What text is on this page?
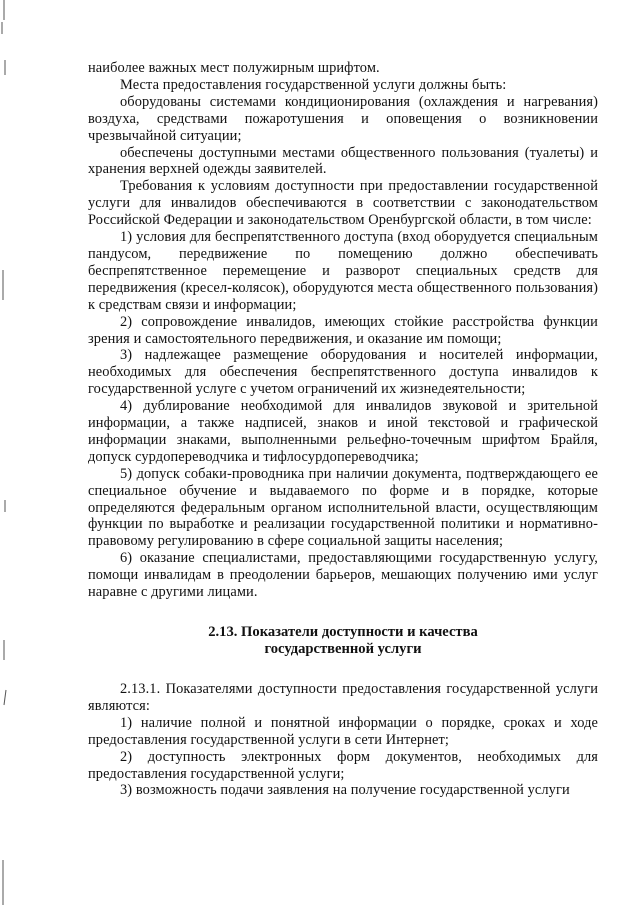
наиболее важных мест полужирным шрифтом.

Места предоставления государственной услуги должны быть:

оборудованы системами кондиционирования (охлаждения и нагревания) воздуха, средствами пожаротушения и оповещения о возникновении чрезвычайной ситуации;

обеспечены доступными местами общественного пользования (туалеты) и хранения верхней одежды заявителей.

Требования к условиям доступности при предоставлении государственной услуги для инвалидов обеспечиваются в соответствии с законодательством Российской Федерации и законодательством Оренбургской области, в том числе:

1) условия для беспрепятственного доступа (вход оборудуется специальным пандусом, передвижение по помещению должно обеспечивать беспрепятственное перемещение и разворот специальных средств для передвижения (кресел-колясок), оборудуются места общественного пользования) к средствам связи и информации;

2) сопровождение инвалидов, имеющих стойкие расстройства функции зрения и самостоятельного передвижения, и оказание им помощи;

3) надлежащее размещение оборудования и носителей информации, необходимых для обеспечения беспрепятственного доступа инвалидов к государственной услуге с учетом ограничений их жизнедеятельности;

4) дублирование необходимой для инвалидов звуковой и зрительной информации, а также надписей, знаков и иной текстовой и графической информации знаками, выполненными рельефно-точечным шрифтом Брайля, допуск сурдопереводчика и тифлосурдопереводчика;

5) допуск собаки-проводника при наличии документа, подтверждающего ее специальное обучение и выдаваемого по форме и в порядке, которые определяются федеральным органом исполнительной власти, осуществляющим функции по выработке и реализации государственной политики и нормативно-правовому регулированию в сфере социальной защиты населения;

6) оказание специалистами, предоставляющими государственную услугу, помощи инвалидам в преодолении барьеров, мешающих получению ими услуг наравне с другими лицами.

2.13. Показатели доступности и качества

государственной услуги

2.13.1. Показателями доступности предоставления государственной услуги являются:

1) наличие полной и понятной информации о порядке, сроках и ходе предоставления государственной услуги в сети Интернет;

2) доступность электронных форм документов, необходимых для предоставления государственной услуги;

3) возможность подачи заявления на получение государственной услуги
